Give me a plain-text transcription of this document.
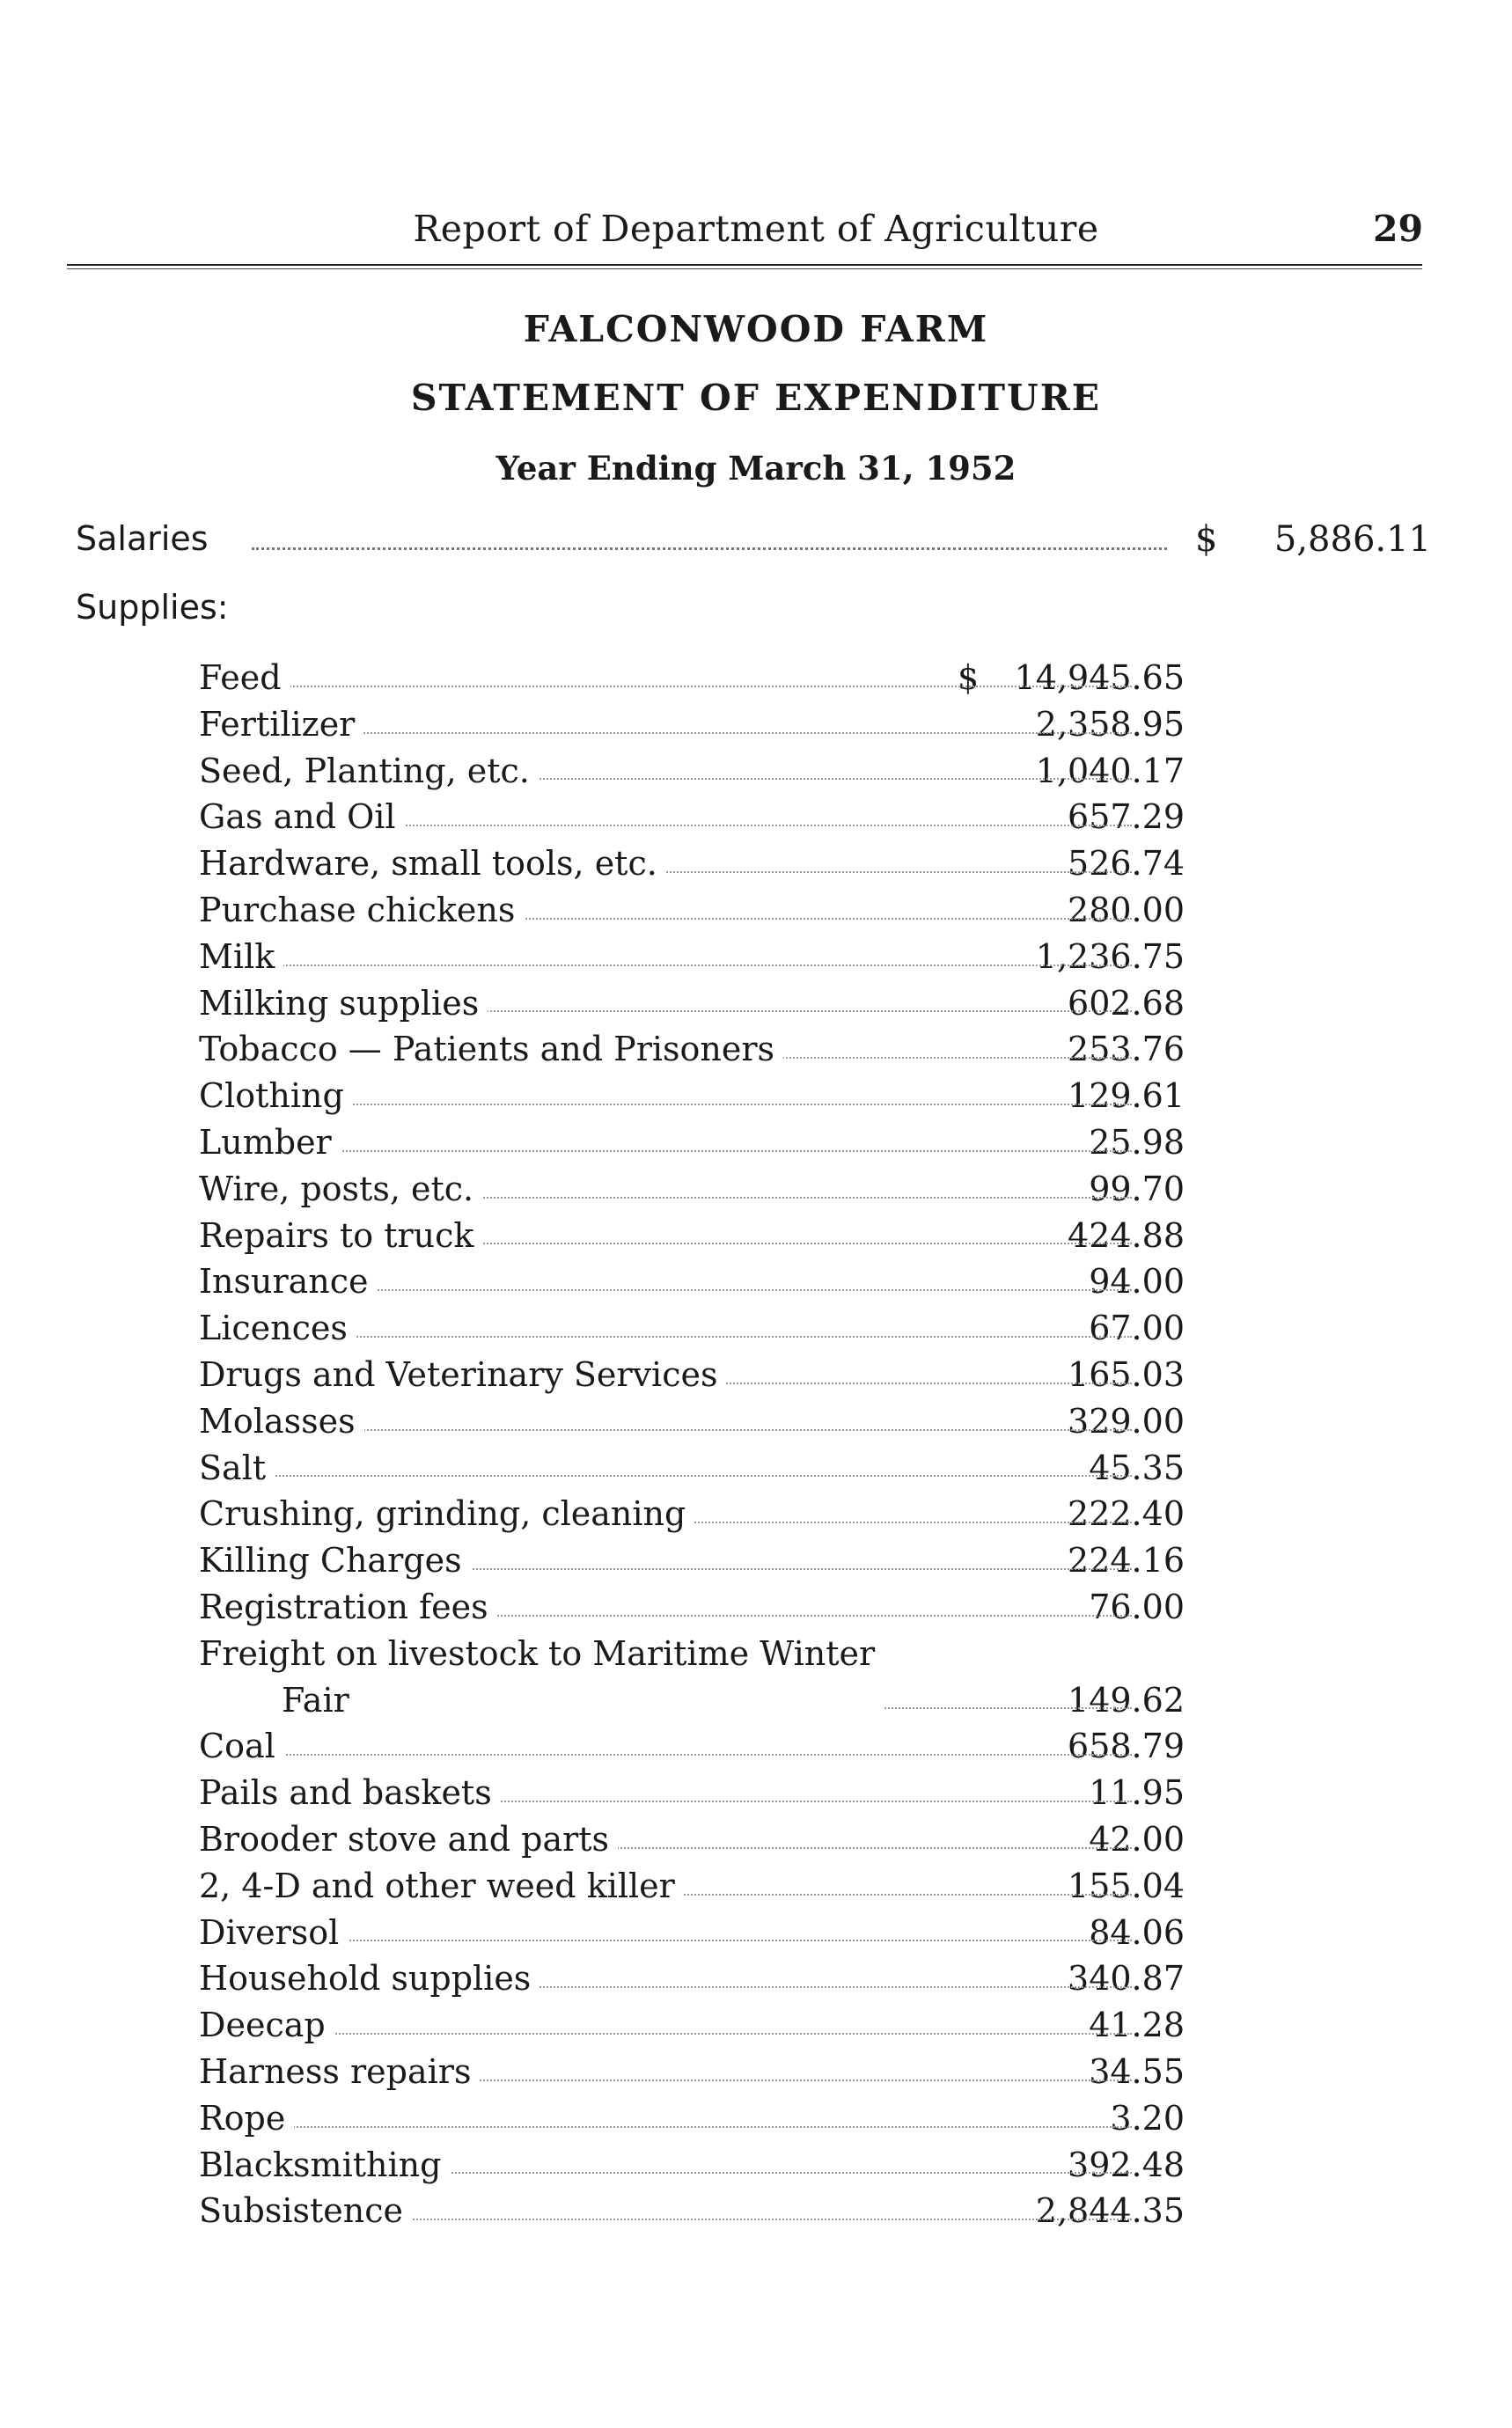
Report of Department of Agriculture	29
FALCONWOOD FARM
STATEMENT OF EXPENDITURE
Year Ending March 31, 1952
Salaries	$	5,886.11
Supplies:
Feed	$	14,945.65
Fertilizer	2,358.95
Seed, Planting, etc.	1,040.17
Gas and Oil	657.29
Hardware, small tools, etc.	526.74
Purchase chickens	280.00
Milk	1,236.75
Milking supplies	602.68
Tobacco — Patients and Prisoners	253.76
Clothing	129.61
Lumber	25.98
Wire, posts, etc.	99.70
Repairs to truck	424.88
Insurance	94.00
Licences	67.00
Drugs and Veterinary Services	165.03
Molasses	329.00
Salt	45.35
Crushing, grinding, cleaning	222.40
Killing Charges	224.16
Registration fees	76.00
Freight on livestock to Maritime Winter
Fair	149.62
Coal	658.79
Pails and baskets	11.95
Brooder stove and parts	42.00
2, 4-D and other weed killer	155.04
Diversol	84.06
Household supplies	340.87
Deecap	41.28
Harness repairs	34.55
Rope	3.20
Blacksmithing	392.48
Subsistence	2,844.35
